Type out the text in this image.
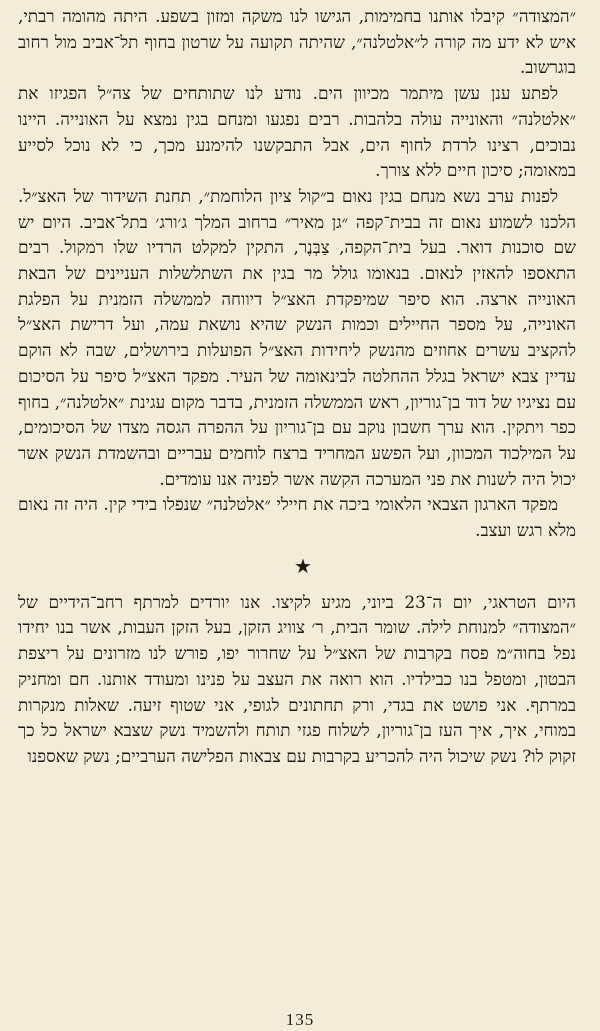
״המצודה״ קיבלו אותנו בחמימות, הגישו לנו משקה ומזון בשפע. היתה מהומה רבתי, איש לא ידע מה קורה ל״אלטלנה״, שהיתה תקועה על שרטון בחוף תל־אביב מול רחוב בוגרשוב.

לפתע ענן עשן מיתמר מכיוון הים. נודע לנו שתותחים של צה״ל הפגיזו את ״אלטלנה״ והאונייה עולה בלהבות. רבים נפגעו ומנחם בגין נמצא על האונייה. היינו נבוכים, רצינו לרדת לחוף הים, אבל התבקשנו להימנע מכך, כי לא נוכל לסייע במאומה; סיכון חיים ללא צורך.

לפנות ערב נשא מנחם בגין נאום ב״קול ציון הלוחמת״, תחנת השידור של האצ״ל. הלכנו לשמוע נאום זה בבית־קפה ״גן מאיר״ ברחוב המלך ג׳ורג׳ בתל־אביב. היום יש שם סוכנות דואר. בעל בית־הקפה, צַבְּנֶר, התקין למקלט הרדיו שלו רמקול. רבים התאספו להאזין לנאום. בנאומו גולל מר בגין את השתלשלות העניינים של הבאת האונייה ארצה. הוא סיפר שמיפקדת האצ״ל דיווחה לממשלה הזמנית על הפלגת האונייה, על מספר החיילים וכמות הנשק שהיא נושאת עמה, ועל דרישת האצ״ל להקציב עשרים אחוזים מהנשק ליחידות האצ״ל הפועלות בירושלים, שבה לא הוקם עדיין צבא ישראל בגלל ההחלטה לבינאומה של העיר. מפקד האצ״ל סיפר על הסיכום עם נציגיו של דוד בן־גוריון, ראש הממשלה הזמנית, בדבר מקום עגינת ״אלטלנה״, בחוף כפר ויתקין. הוא ערך חשבון נוקב עם בן־גוריון על ההפרה הגסה מצדו של הסיכומים, על המילכוד המכוון, ועל הפשע המחריד ברצח לוחמים עבריים ובהשמדת הנשק אשר יכול היה לשנות את פני המערכה הקשה אשר לפניה אנו עומדים.

מפקד הארגון הצבאי הלאומי ביכה את חיילי ״אלטלנה״ שנפלו בידי קין. היה זה נאום מלא רגש ועצב.

★

היום הטראגי, יום ה־23 ביוני, מגיע לקיצו. אנו יורדים למרתף רחב־הידיים של ״המצודה״ למנוחת לילה. שומר הבית, ר׳ צוויג הזקן, בעל הזקן העבות, אשר בנו יחידו נפל בחוה״מ פסח בקרבות של האצ״ל על שחרור יפו, פורש לנו מזרונים על ריצפת הבטון, ומטפל בנו כבילדיו. הוא רואה את העצב על פנינו ומעודד אותנו. חם ומחניק במרתף. אני פושט את בגדי, ורק תחתונים לגופי, אני שטוף זיעה. שאלות מנקרות במוחי, איך, איך העז בן־גוריון, לשלוח פגזי תותח ולהשמיד נשק שצבא ישראל כל כך זקוק לו? נשק שיכול היה להכריע בקרבות עם צבאות הפלישה הערביים; נשק שאספנו

135
